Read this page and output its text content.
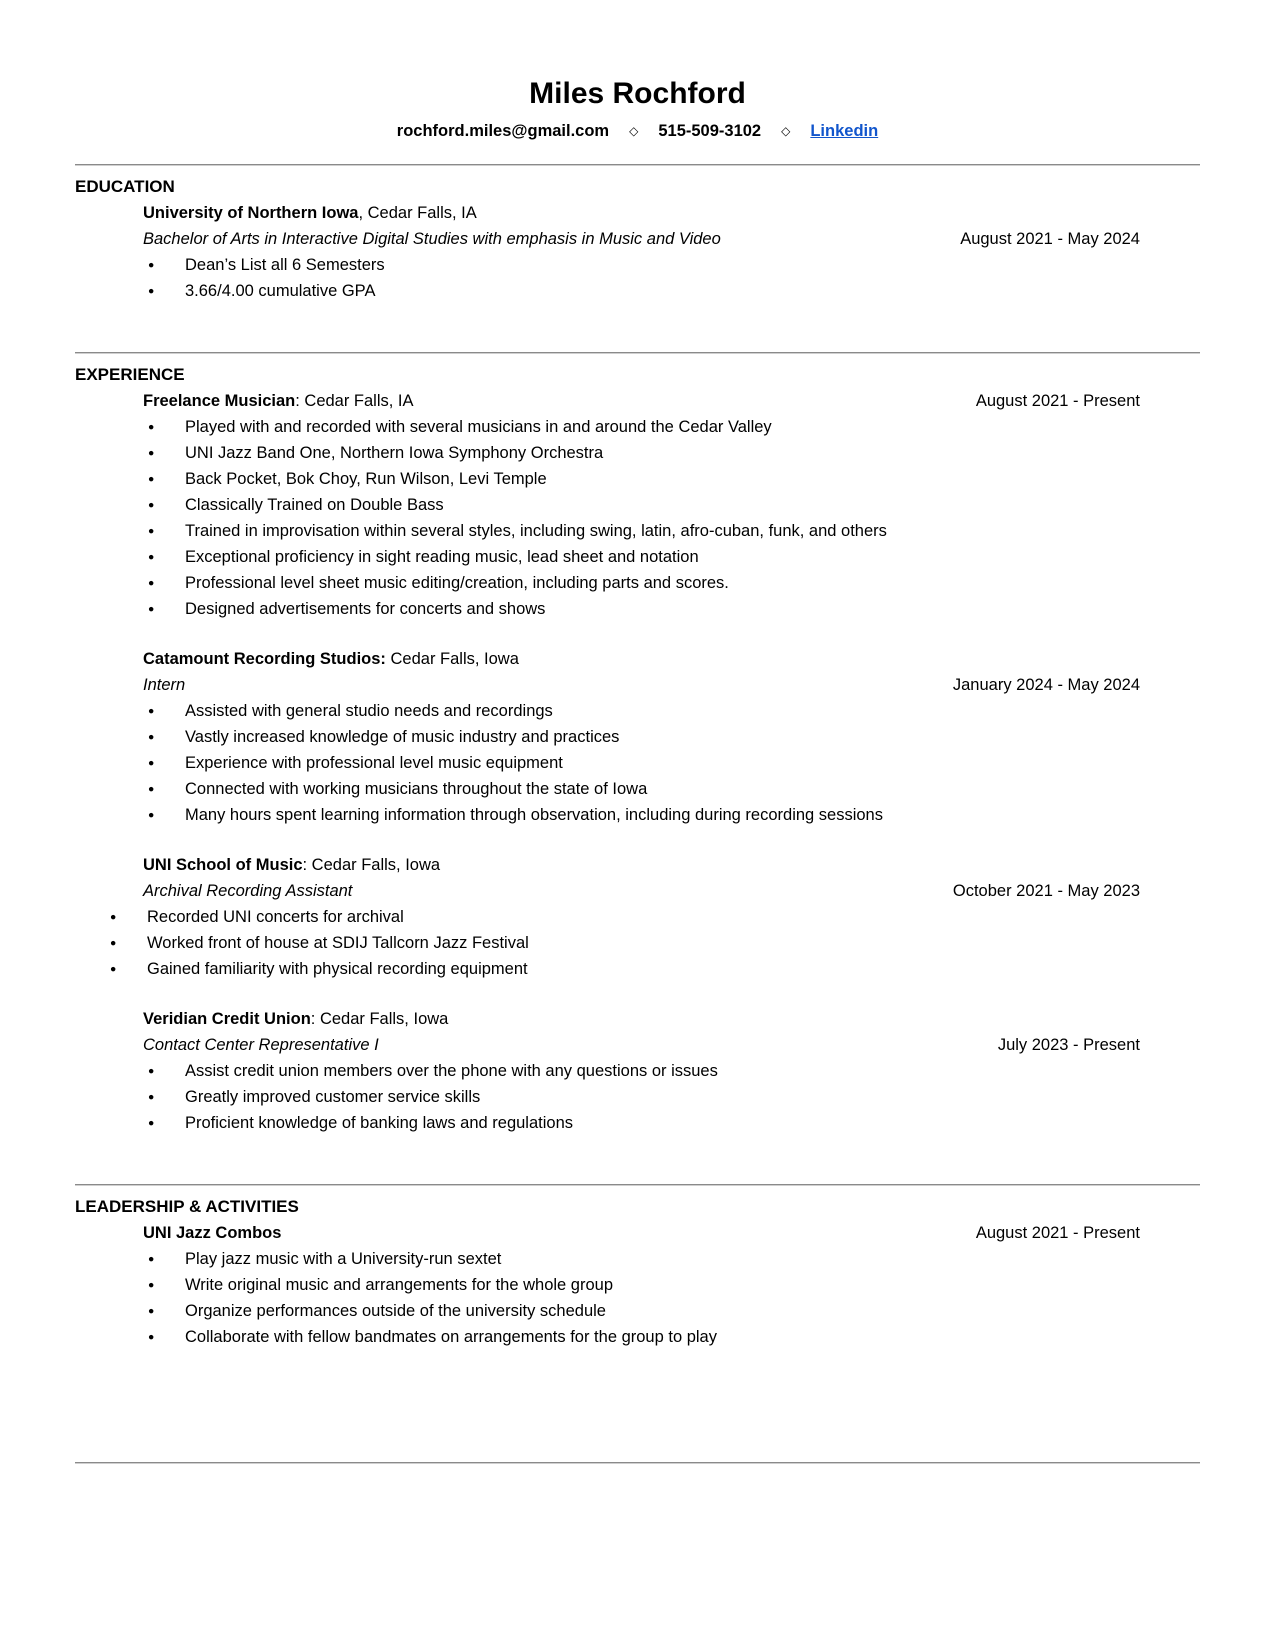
Miles Rochford
rochford.miles@gmail.com ◇ 515-509-3102 ◇ Linkedin
EDUCATION
University of Northern Iowa, Cedar Falls, IA
Bachelor of Arts in Interactive Digital Studies with emphasis in Music and Video	August 2021 - May 2024
● Dean’s List all 6 Semesters
● 3.66/4.00 cumulative GPA
EXPERIENCE
Freelance Musician: Cedar Falls, IA	August 2021 - Present
● Played with and recorded with several musicians in and around the Cedar Valley
● UNI Jazz Band One, Northern Iowa Symphony Orchestra
● Back Pocket, Bok Choy, Run Wilson, Levi Temple
● Classically Trained on Double Bass
● Trained in improvisation within several styles, including swing, latin, afro-cuban, funk, and others
● Exceptional proficiency in sight reading music, lead sheet and notation
● Professional level sheet music editing/creation, including parts and scores.
● Designed advertisements for concerts and shows
Catamount Recording Studios: Cedar Falls, Iowa
Intern	January 2024 - May 2024
● Assisted with general studio needs and recordings
● Vastly increased knowledge of music industry and practices
● Experience with professional level music equipment
● Connected with working musicians throughout the state of Iowa
● Many hours spent learning information through observation, including during recording sessions
UNI School of Music: Cedar Falls, Iowa
Archival Recording Assistant	October 2021 - May 2023
● Recorded UNI concerts for archival
● Worked front of house at SDIJ Tallcorn Jazz Festival
● Gained familiarity with physical recording equipment
Veridian Credit Union: Cedar Falls, Iowa
Contact Center Representative I	July 2023 - Present
● Assist credit union members over the phone with any questions or issues
● Greatly improved customer service skills
● Proficient knowledge of banking laws and regulations
LEADERSHIP & ACTIVITIES
UNI Jazz Combos	August 2021 - Present
● Play jazz music with a University-run sextet
● Write original music and arrangements for the whole group
● Organize performances outside of the university schedule
● Collaborate with fellow bandmates on arrangements for the group to play
